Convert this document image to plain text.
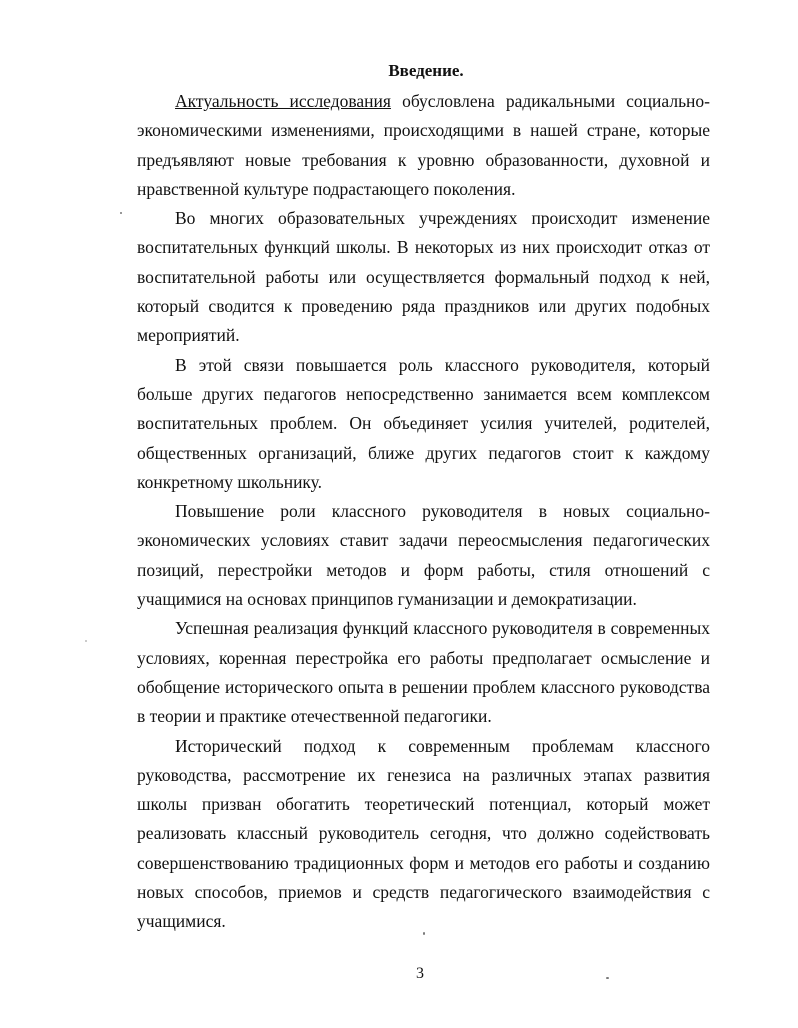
Введение.

Актуальность исследования обусловлена радикальными социально-экономическими изменениями, происходящими в нашей стране, которые предъявляют новые требования к уровню образованности, духовной и нравственной культуре подрастающего поколения.

Во многих образовательных учреждениях происходит изменение воспитательных функций школы. В некоторых из них происходит отказ от воспитательной работы или осуществляется формальный подход к ней, который сводится к проведению ряда праздников или других подобных мероприятий.

В этой связи повышается роль классного руководителя, который больше других педагогов непосредственно занимается всем комплексом воспитательных проблем. Он объединяет усилия учителей, родителей, общественных организаций, ближе других педагогов стоит к каждому конкретному школьнику.

Повышение роли классного руководителя в новых социально-экономических условиях ставит задачи переосмысления педагогических позиций, перестройки методов и форм работы, стиля отношений с учащимися на основах принципов гуманизации и демократизации.

Успешная реализация функций классного руководителя в современных условиях, коренная перестройка его работы предполагает осмысление и обобщение исторического опыта в решении проблем классного руководства в теории и практике отечественной педагогики.

Исторический подход к современным проблемам классного руководства, рассмотрение их генезиса на различных этапах развития школы призван обогатить теоретический потенциал, который может реализовать классный руководитель сегодня, что должно содействовать совершенствованию традиционных форм и методов его работы и созданию новых способов, приемов и средств педагогического взаимодействия с учащимися.

3
